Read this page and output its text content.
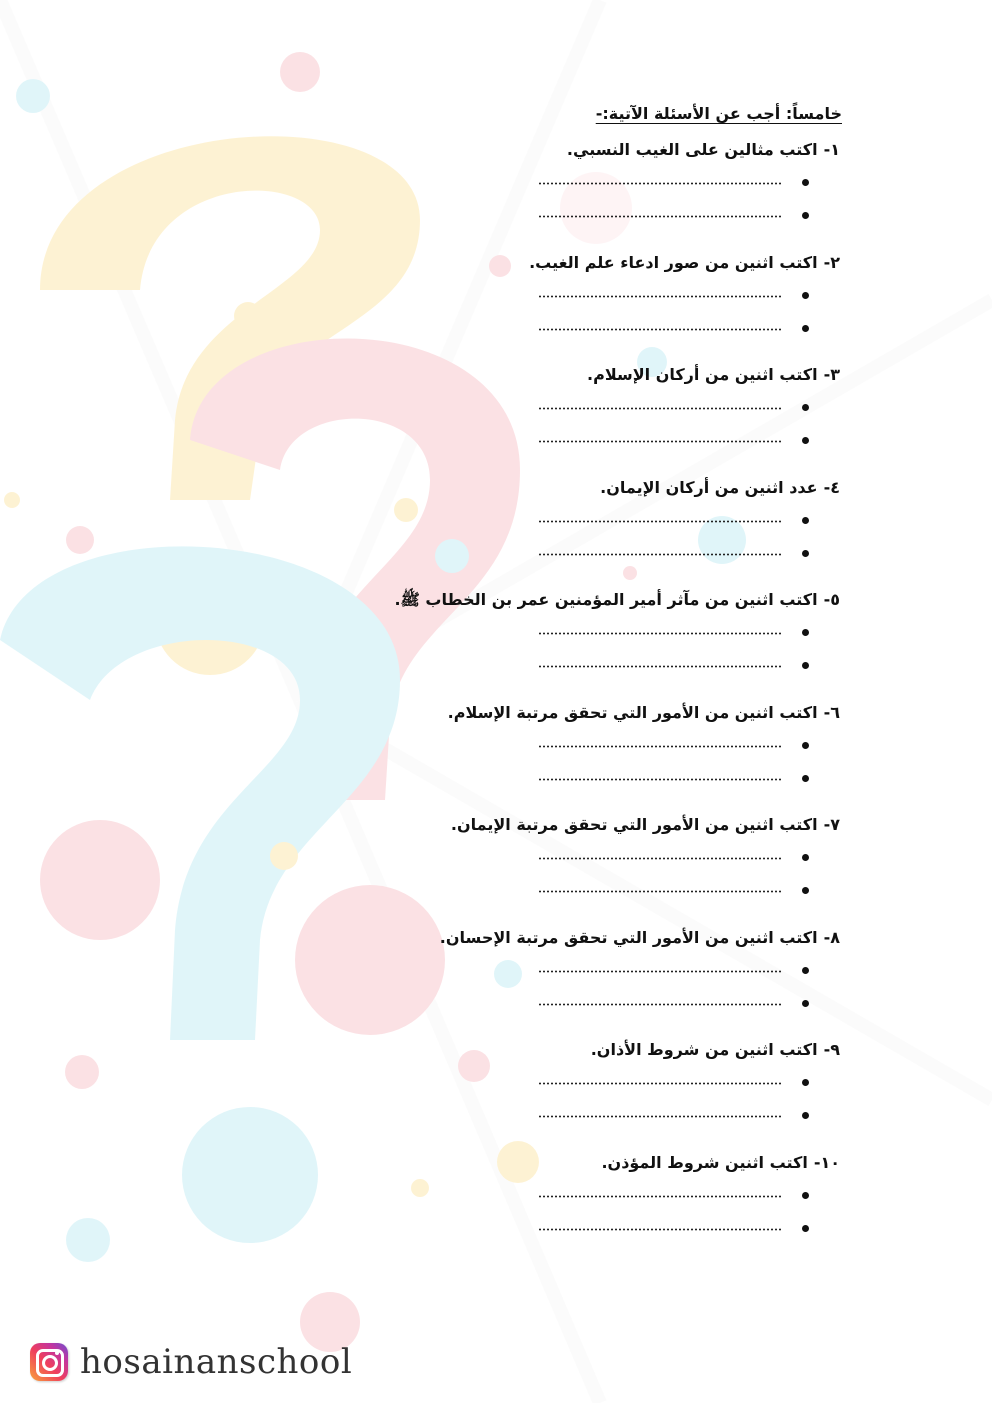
خامساً: أجب عن الأسئلة الآتية:-

١-اكتب مثالين على الغيب النسبي.

٢-اكتب اثنين من صور ادعاء علم الغيب.

٣-اكتب اثنين من أركان الإسلام.

٤-عدد اثنين من أركان الإيمان.

٥-اكتب اثنين من مآثر أمير المؤمنين عمر بن الخطاب ﷺ.

٦-اكتب اثنين من الأمور التي تحقق مرتبة الإسلام.

٧-اكتب اثنين من الأمور التي تحقق مرتبة الإيمان.

٨-اكتب اثنين من الأمور التي تحقق مرتبة الإحسان.

٩-اكتب اثنين من شروط الأذان.

١٠-اكتب اثنين شروط المؤذن.

hosainanschool
